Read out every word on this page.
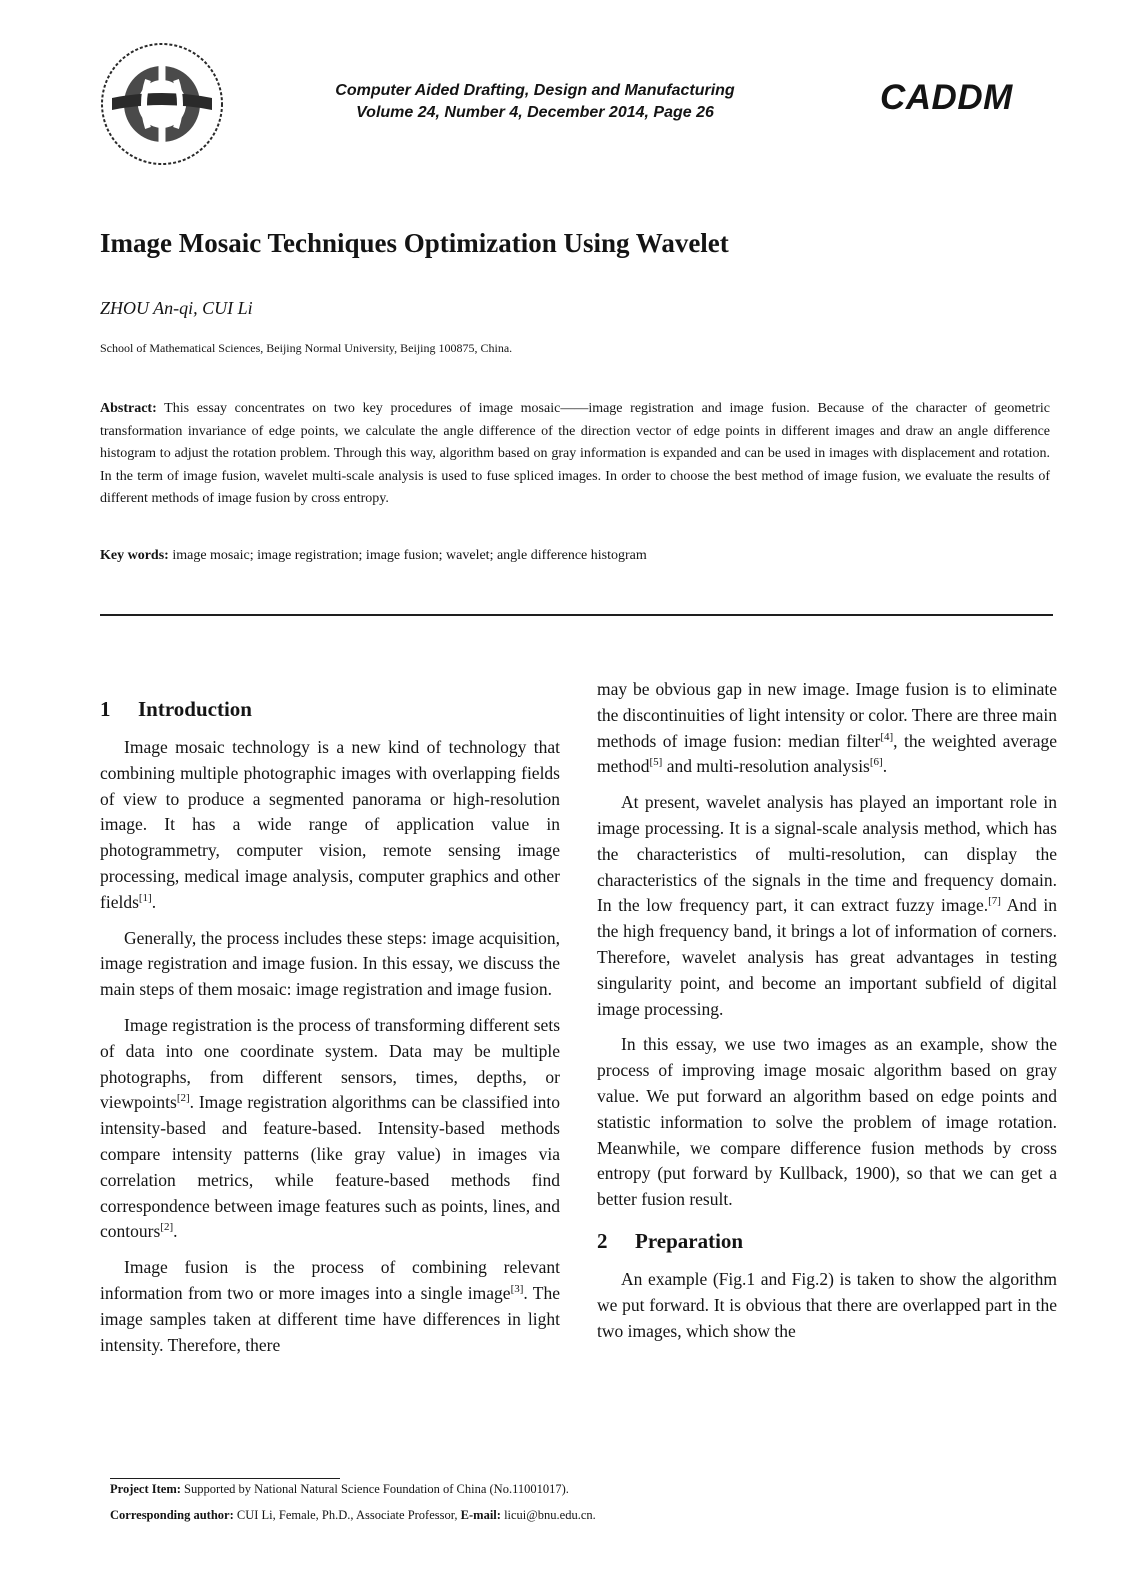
Computer Aided Drafting, Design and Manufacturing
Volume 24, Number 4, December 2014, Page 26	CADDM
Image Mosaic Techniques Optimization Using Wavelet
ZHOU An-qi, CUI Li
School of Mathematical Sciences, Beijing Normal University, Beijing 100875, China.
Abstract: This essay concentrates on two key procedures of image mosaic——image registration and image fusion. Because of the character of geometric transformation invariance of edge points, we calculate the angle difference of the direction vector of edge points in different images and draw an angle difference histogram to adjust the rotation problem. Through this way, algorithm based on gray information is expanded and can be used in images with displacement and rotation. In the term of image fusion, wavelet multi-scale analysis is used to fuse spliced images. In order to choose the best method of image fusion, we evaluate the results of different methods of image fusion by cross entropy.
Key words: image mosaic; image registration; image fusion; wavelet; angle difference histogram
1 Introduction

Image mosaic technology is a new kind of technology that combining multiple photographic images with overlapping fields of view to produce a segmented panorama or high-resolution image. It has a wide range of application value in photogrammetry, computer vision, remote sensing image processing, medical image analysis, computer graphics and other fields[1].

Generally, the process includes these steps: image acquisition, image registration and image fusion. In this essay, we discuss the main steps of them mosaic: image registration and image fusion.

Image registration is the process of transforming different sets of data into one coordinate system. Data may be multiple photographs, from different sensors, times, depths, or viewpoints[2]. Image registration algorithms can be classified into intensity-based and feature-based. Intensity-based methods compare intensity patterns (like gray value) in images via correlation metrics, while feature-based methods find correspondence between image features such as points, lines, and contours[2].

Image fusion is the process of combining relevant information from two or more images into a single image[3]. The image samples taken at different time have differences in light intensity. Therefore, there

may be obvious gap in new image. Image fusion is to eliminate the discontinuities of light intensity or color. There are three main methods of image fusion: median filter[4], the weighted average method[5] and multi-resolution analysis[6].

At present, wavelet analysis has played an important role in image processing. It is a signal-scale analysis method, which has the characteristics of multi-resolution, can display the characteristics of the signals in the time and frequency domain. In the low frequency part, it can extract fuzzy image.[7] And in the high frequency band, it brings a lot of information of corners. Therefore, wavelet analysis has great advantages in testing singularity point, and become an important subfield of digital image processing.

In this essay, we use two images as an example, show the process of improving image mosaic algorithm based on gray value. We put forward an algorithm based on edge points and statistic information to solve the problem of image rotation. Meanwhile, we compare difference fusion methods by cross entropy (put forward by Kullback, 1900), so that we can get a better fusion result.

2 Preparation

An example (Fig.1 and Fig.2) is taken to show the algorithm we put forward. It is obvious that there are overlapped part in the two images, which show the

Project Item: Supported by National Natural Science Foundation of China (No.11001017).
Corresponding author: CUI Li, Female, Ph.D., Associate Professor, E-mail: licui@bnu.edu.cn.
